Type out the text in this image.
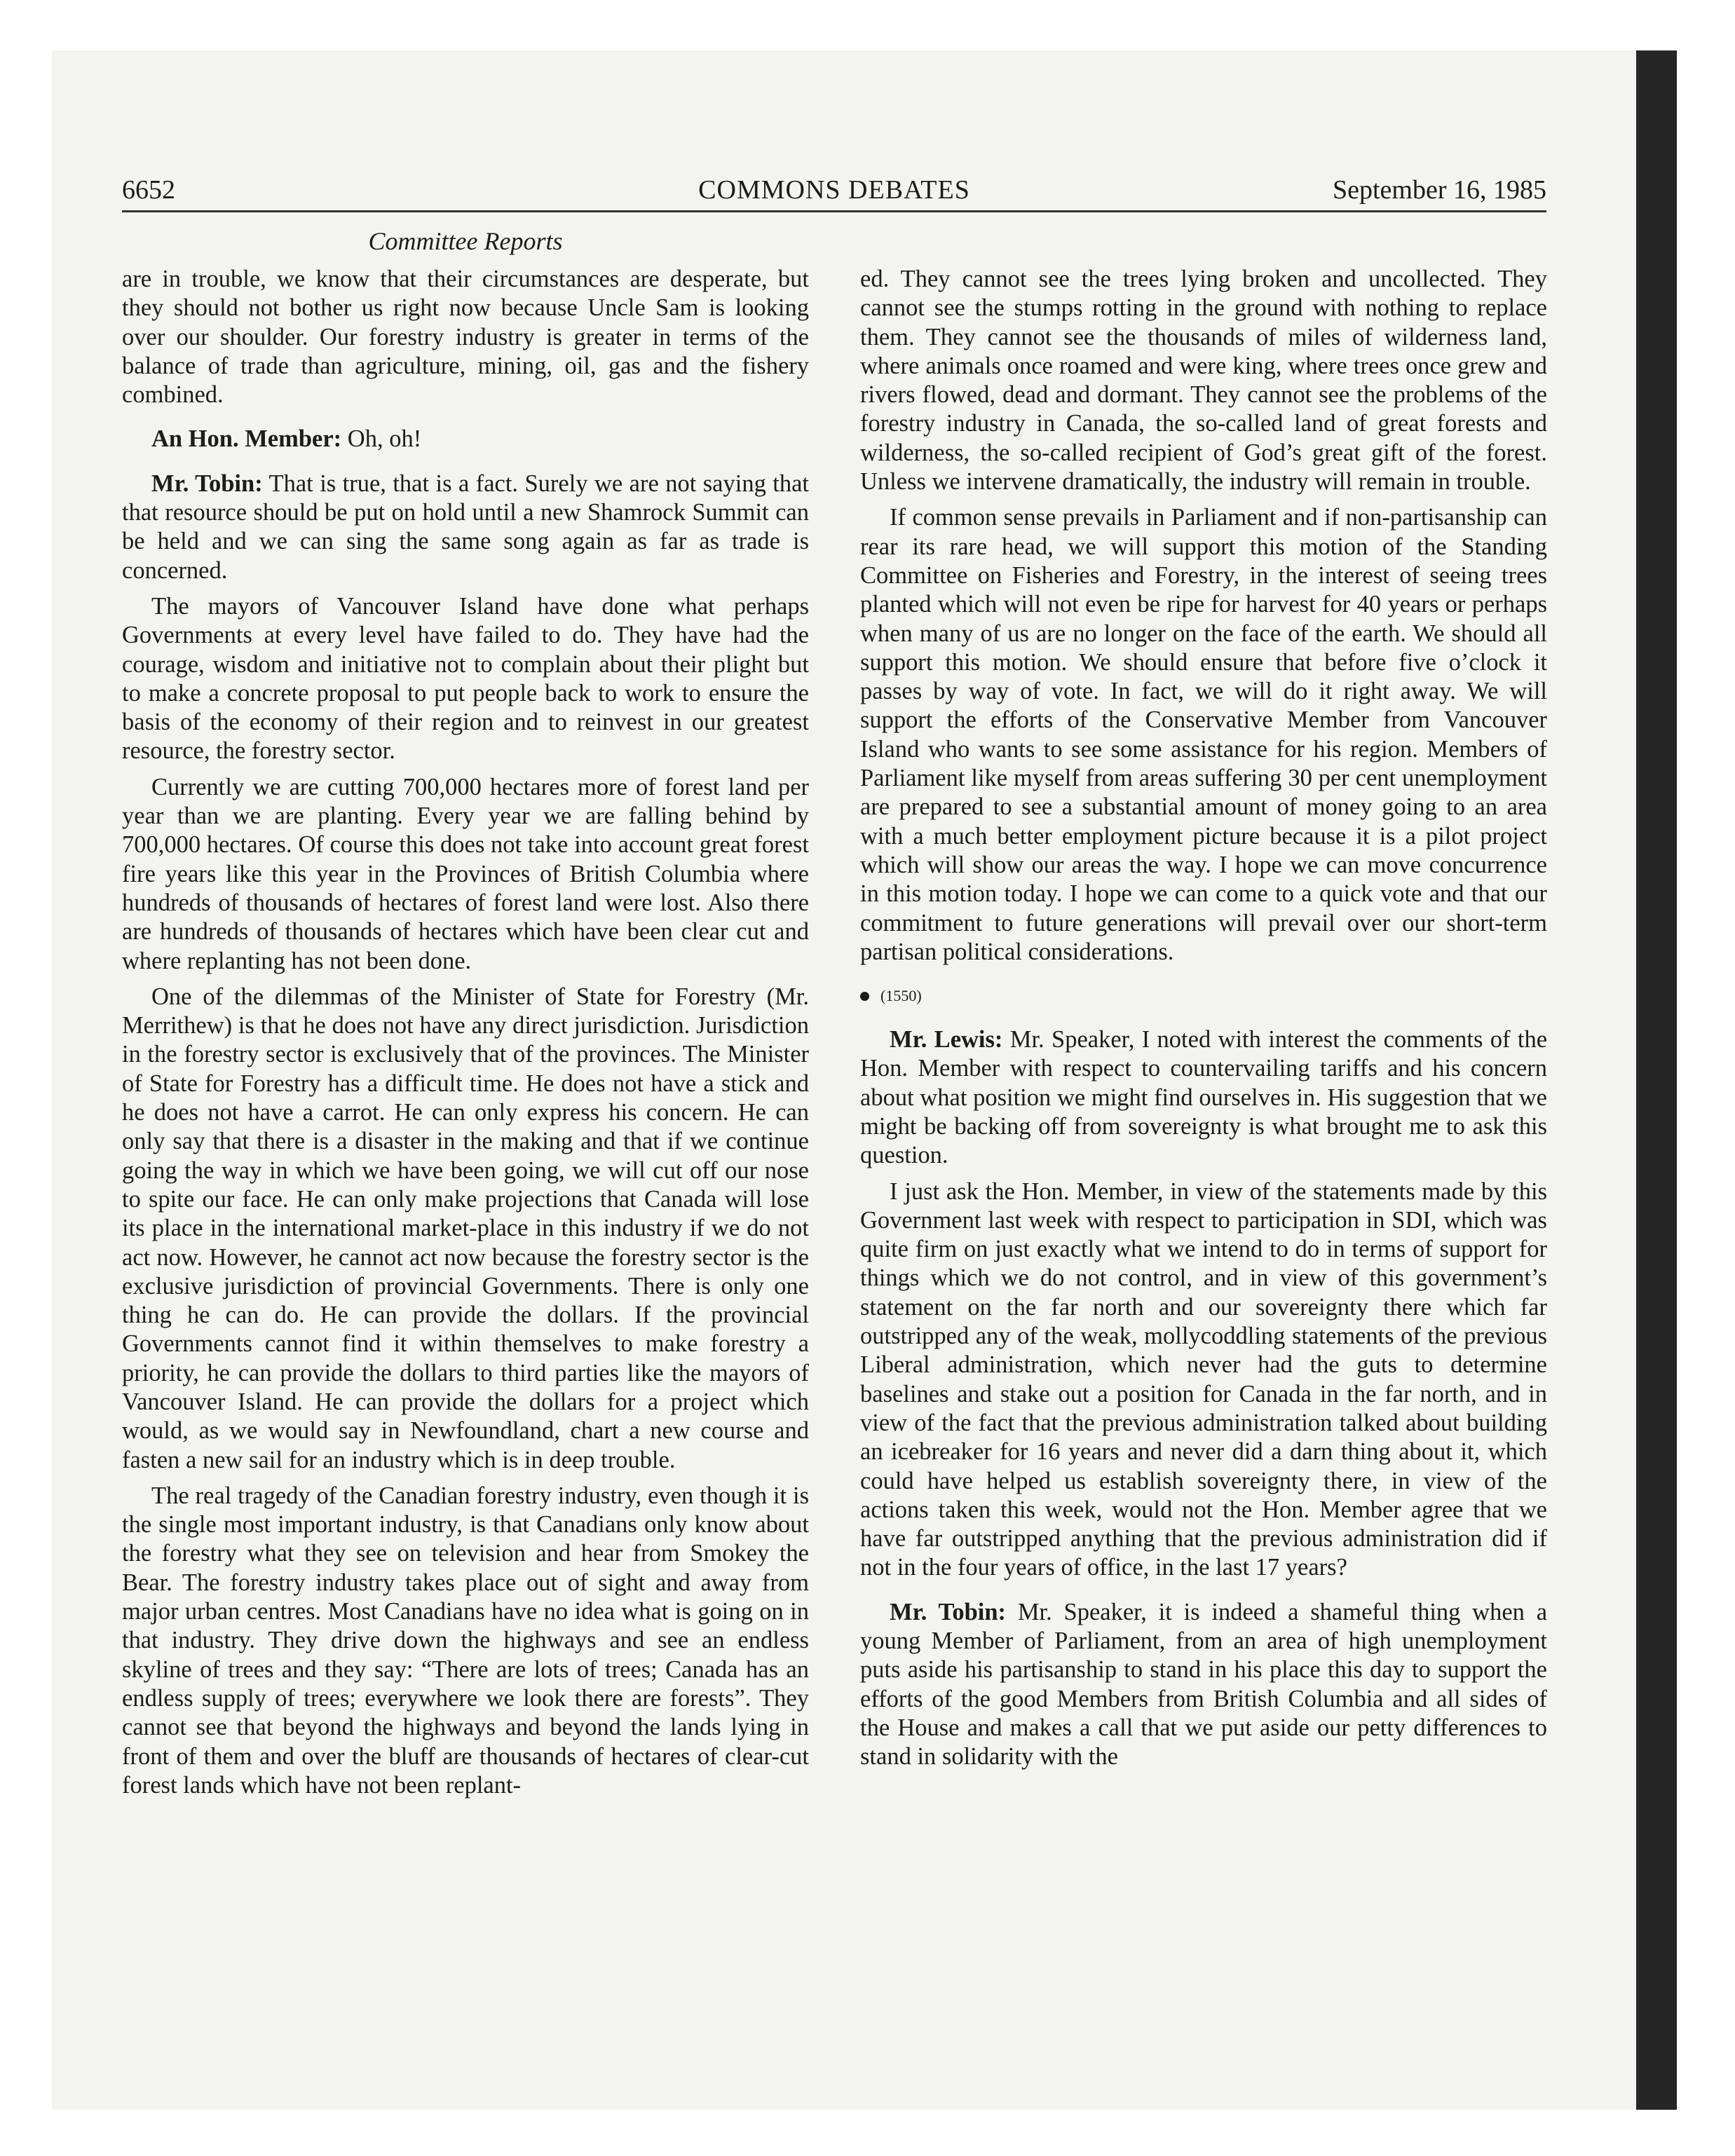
6652	COMMONS DEBATES	September 16, 1985
Committee Reports

are in trouble, we know that their circumstances are desperate, but they should not bother us right now because Uncle Sam is looking over our shoulder. Our forestry industry is greater in terms of the balance of trade than agriculture, mining, oil, gas and the fishery combined.

An Hon. Member: Oh, oh!

Mr. Tobin: That is true, that is a fact. Surely we are not saying that that resource should be put on hold until a new Shamrock Summit can be held and we can sing the same song again as far as trade is concerned.

The mayors of Vancouver Island have done what perhaps Governments at every level have failed to do. They have had the courage, wisdom and initiative not to complain about their plight but to make a concrete proposal to put people back to work to ensure the basis of the economy of their region and to reinvest in our greatest resource, the forestry sector.

Currently we are cutting 700,000 hectares more of forest land per year than we are planting. Every year we are falling behind by 700,000 hectares. Of course this does not take into account great forest fire years like this year in the Provinces of British Columbia where hundreds of thousands of hectares of forest land were lost. Also there are hundreds of thousands of hectares which have been clear cut and where replanting has not been done.

One of the dilemmas of the Minister of State for Forestry (Mr. Merrithew) is that he does not have any direct jurisdiction. Jurisdiction in the forestry sector is exclusively that of the provinces. The Minister of State for Forestry has a difficult time. He does not have a stick and he does not have a carrot. He can only express his concern. He can only say that there is a disaster in the making and that if we continue going the way in which we have been going, we will cut off our nose to spite our face. He can only make projections that Canada will lose its place in the international market-place in this industry if we do not act now. However, he cannot act now because the forestry sector is the exclusive jurisdiction of provincial Governments. There is only one thing he can do. He can provide the dollars. If the provincial Governments cannot find it within themselves to make forestry a priority, he can provide the dollars to third parties like the mayors of Vancouver Island. He can provide the dollars for a project which would, as we would say in Newfoundland, chart a new course and fasten a new sail for an industry which is in deep trouble.

The real tragedy of the Canadian forestry industry, even though it is the single most important industry, is that Canadians only know about the forestry what they see on television and hear from Smokey the Bear. The forestry industry takes place out of sight and away from major urban centres. Most Canadians have no idea what is going on in that industry. They drive down the highways and see an endless skyline of trees and they say: “There are lots of trees; Canada has an endless supply of trees; everywhere we look there are forests”. They cannot see that beyond the highways and beyond the lands lying in front of them and over the bluff are thousands of hectares of clear-cut forest lands which have not been replant-

ed. They cannot see the trees lying broken and uncollected. They cannot see the stumps rotting in the ground with nothing to replace them. They cannot see the thousands of miles of wilderness land, where animals once roamed and were king, where trees once grew and rivers flowed, dead and dormant. They cannot see the problems of the forestry industry in Canada, the so-called land of great forests and wilderness, the so-called recipient of God’s great gift of the forest. Unless we intervene dramatically, the industry will remain in trouble.

If common sense prevails in Parliament and if non-partisanship can rear its rare head, we will support this motion of the Standing Committee on Fisheries and Forestry, in the interest of seeing trees planted which will not even be ripe for harvest for 40 years or perhaps when many of us are no longer on the face of the earth. We should all support this motion. We should ensure that before five o’clock it passes by way of vote. In fact, we will do it right away. We will support the efforts of the Conservative Member from Vancouver Island who wants to see some assistance for his region. Members of Parliament like myself from areas suffering 30 per cent unemployment are prepared to see a substantial amount of money going to an area with a much better employment picture because it is a pilot project which will show our areas the way. I hope we can move concurrence in this motion today. I hope we can come to a quick vote and that our commitment to future generations will prevail over our short-term partisan political considerations.

(1550)

Mr. Lewis: Mr. Speaker, I noted with interest the comments of the Hon. Member with respect to countervailing tariffs and his concern about what position we might find ourselves in. His suggestion that we might be backing off from sovereignty is what brought me to ask this question.

I just ask the Hon. Member, in view of the statements made by this Government last week with respect to participation in SDI, which was quite firm on just exactly what we intend to do in terms of support for things which we do not control, and in view of this government’s statement on the far north and our sovereignty there which far outstripped any of the weak, mollycoddling statements of the previous Liberal administration, which never had the guts to determine baselines and stake out a position for Canada in the far north, and in view of the fact that the previous administration talked about building an icebreaker for 16 years and never did a darn thing about it, which could have helped us establish sovereignty there, in view of the actions taken this week, would not the Hon. Member agree that we have far outstripped anything that the previous administration did if not in the four years of office, in the last 17 years?

Mr. Tobin: Mr. Speaker, it is indeed a shameful thing when a young Member of Parliament, from an area of high unemployment puts aside his partisanship to stand in his place this day to support the efforts of the good Members from British Columbia and all sides of the House and makes a call that we put aside our petty differences to stand in solidarity with the
